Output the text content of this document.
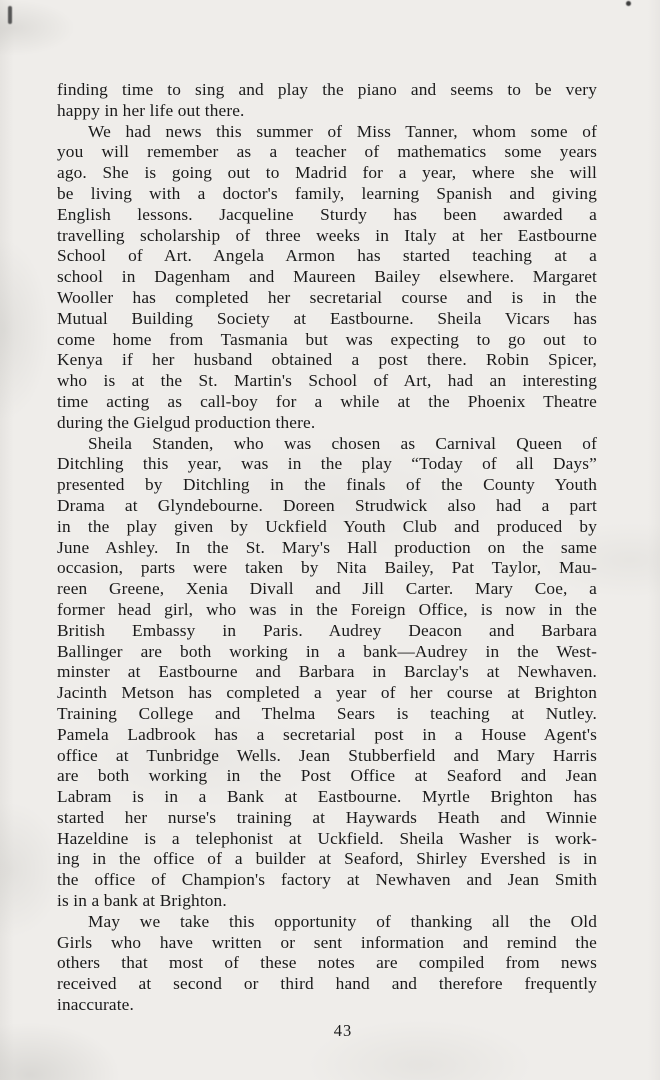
finding time to sing and play the piano and seems to be very
happy in her life out there.
We had news this summer of Miss Tanner, whom some of
you will remember as a teacher of mathematics some years
ago. She is going out to Madrid for a year, where she will
be living with a doctor's family, learning Spanish and giving
English lessons. Jacqueline Sturdy has been awarded a
travelling scholarship of three weeks in Italy at her Eastbourne
School of Art. Angela Armon has started teaching at a
school in Dagenham and Maureen Bailey elsewhere. Margaret
Wooller has completed her secretarial course and is in the
Mutual Building Society at Eastbourne. Sheila Vicars has
come home from Tasmania but was expecting to go out to
Kenya if her husband obtained a post there. Robin Spicer,
who is at the St. Martin's School of Art, had an interesting
time acting as call-boy for a while at the Phoenix Theatre
during the Gielgud production there.
Sheila Standen, who was chosen as Carnival Queen of
Ditchling this year, was in the play “Today of all Days”
presented by Ditchling in the finals of the County Youth
Drama at Glyndebourne. Doreen Strudwick also had a part
in the play given by Uckfield Youth Club and produced by
June Ashley. In the St. Mary's Hall production on the same
occasion, parts were taken by Nita Bailey, Pat Taylor, Mau-
reen Greene, Xenia Divall and Jill Carter. Mary Coe, a
former head girl, who was in the Foreign Office, is now in the
British Embassy in Paris. Audrey Deacon and Barbara
Ballinger are both working in a bank—Audrey in the West-
minster at Eastbourne and Barbara in Barclay's at Newhaven.
Jacinth Metson has completed a year of her course at Brighton
Training College and Thelma Sears is teaching at Nutley.
Pamela Ladbrook has a secretarial post in a House Agent's
office at Tunbridge Wells. Jean Stubberfield and Mary Harris
are both working in the Post Office at Seaford and Jean
Labram is in a Bank at Eastbourne. Myrtle Brighton has
started her nurse's training at Haywards Heath and Winnie
Hazeldine is a telephonist at Uckfield. Sheila Washer is work-
ing in the office of a builder at Seaford, Shirley Evershed is in
the office of Champion's factory at Newhaven and Jean Smith
is in a bank at Brighton.
May we take this opportunity of thanking all the Old
Girls who have written or sent information and remind the
others that most of these notes are compiled from news
received at second or third hand and therefore frequently
inaccurate.
43
